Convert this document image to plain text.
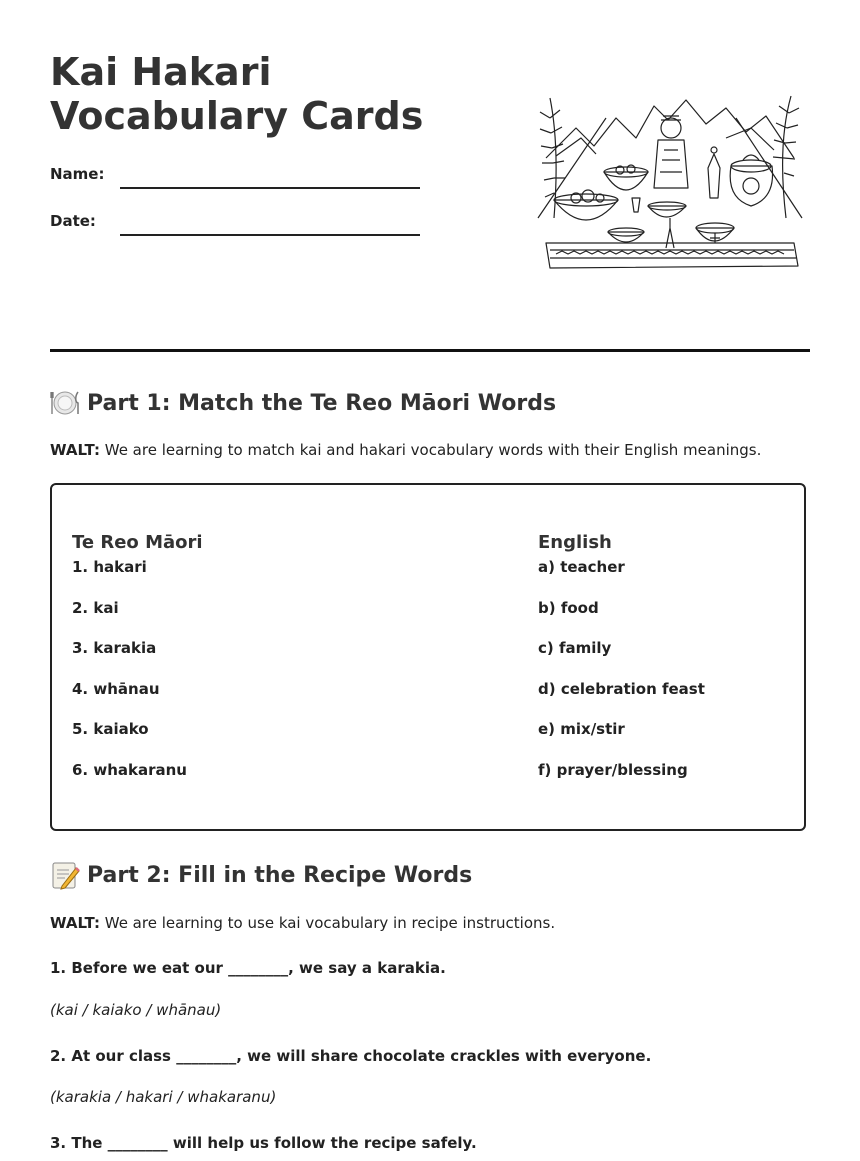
Kai Hakari Vocabulary Cards
Name:
Date:
Part 1: Match the Te Reo Māori Words
WALT: We are learning to match kai and hakari vocabulary words with their English meanings.
Te Reo Māori
1. hakari
2. kai
3. karakia
4. whānau
5. kaiako
6. whakaranu
English
a) teacher
b) food
c) family
d) celebration feast
e) mix/stir
f) prayer/blessing
Part 2: Fill in the Recipe Words
WALT: We are learning to use kai vocabulary in recipe instructions.
1. Before we eat our ________, we say a karakia.
(kai / kaiako / whānau)
2. At our class ________, we will share chocolate crackles with everyone.
(karakia / hakari / whakaranu)
3. The ________ will help us follow the recipe safely.
